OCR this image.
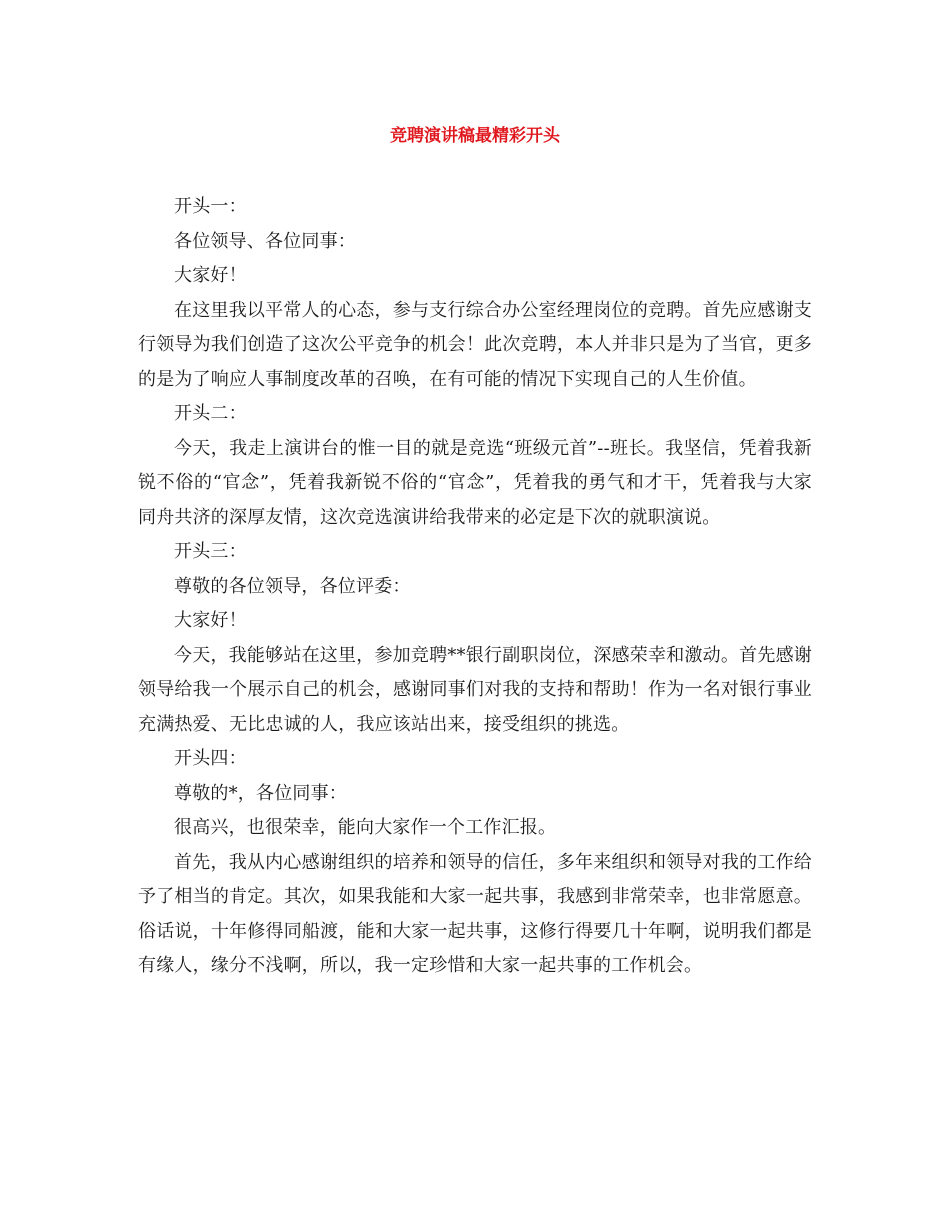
竞聘演讲稿最精彩开头

开头一：

各位领导、各位同事：

大家好！

在这里我以平常人的心态，参与支行综合办公室经理岗位的竞聘。首先应感谢支行领导为我们创造了这次公平竞争的机会！此次竞聘，本人并非只是为了当官，更多的是为了响应人事制度改革的召唤，在有可能的情况下实现自己的人生价值。

开头二：

今天，我走上演讲台的惟一目的就是竞选“班级元首”--班长。我坚信，凭着我新锐不俗的“官念”，凭着我新锐不俗的“官念”，凭着我的勇气和才干，凭着我与大家同舟共济的深厚友情，这次竞选演讲给我带来的必定是下次的就职演说。

开头三：

尊敬的各位领导，各位评委：

大家好！

今天，我能够站在这里，参加竞聘**银行副职岗位，深感荣幸和激动。首先感谢领导给我一个展示自己的机会，感谢同事们对我的支持和帮助！作为一名对银行事业充满热爱、无比忠诚的人，我应该站出来，接受组织的挑选。

开头四：

尊敬的*，各位同事：

很高兴，也很荣幸，能向大家作一个工作汇报。

首先，我从内心感谢组织的培养和领导的信任，多年来组织和领导对我的工作给予了相当的肯定。其次，如果我能和大家一起共事，我感到非常荣幸，也非常愿意。俗话说，十年修得同船渡，能和大家一起共事，这修行得要几十年啊，说明我们都是有缘人，缘分不浅啊，所以，我一定珍惜和大家一起共事的工作机会。
